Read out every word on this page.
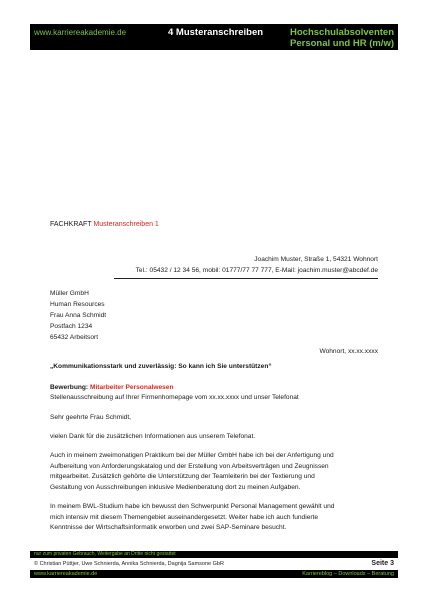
www.karriereakademie.de	4 Musteranschreiben	Hochschulabsolventen
Personal und HR (m/w)
FACHKRAFT Musteranschreiben 1
Joachim Muster, Straße 1, 54321 Wohnort
Tel.: 05432 / 12 34 56, mobil: 01777/77 77 777, E-Mail: joachim.muster@abcdef.de
Müller GmbH
Human Resources
Frau Anna Schmidt
Postfach 1234
65432 Arbeitsort
Wohnort, xx.xx.xxxx
„Kommunikationsstark und zuverlässig: So kann ich Sie unterstützen“
Bewerbung: Mitarbeiter Personalwesen
Stellenausschreibung auf Ihrer Firmenhomepage vom xx.xx.xxxx und unser Telefonat
Sehr geehrte Frau Schmidt,
vielen Dank für die zusätzlichen Informationen aus unserem Telefonat.
Auch in meinem zweimonatigen Praktikum bei der Müller GmbH habe ich bei der Anfertigung und
Aufbereitung von Anforderungskatalog und der Erstellung von Arbeitsverträgen und Zeugnissen
mitgearbeitet. Zusätzlich gehörte die Unterstützung der Teamleiterin bei der Textierung und
Gestaltung von Ausschreibungen inklusive Medienberatung dort zu meinen Aufgaben.
In meinem BWL-Studium habe ich bewusst den Schwerpunkt Personal Management gewählt und
mich intensiv mit diesem Themengebiet auseinandergesetzt. Weiter habe ich auch fundierte
Kenntnisse der Wirtschaftsinformatik erworben und zwei SAP-Seminare besucht.
nur zum privaten Gebrauch, Weitergabe an Dritte nicht gestattet
© Christian Püttjer, Uwe Schnierda, Annika Schnierda, Dagnija Samsone GbR	Seite 3
www.karriereakademie.de	Karriereblog – Downloads – Beratung
